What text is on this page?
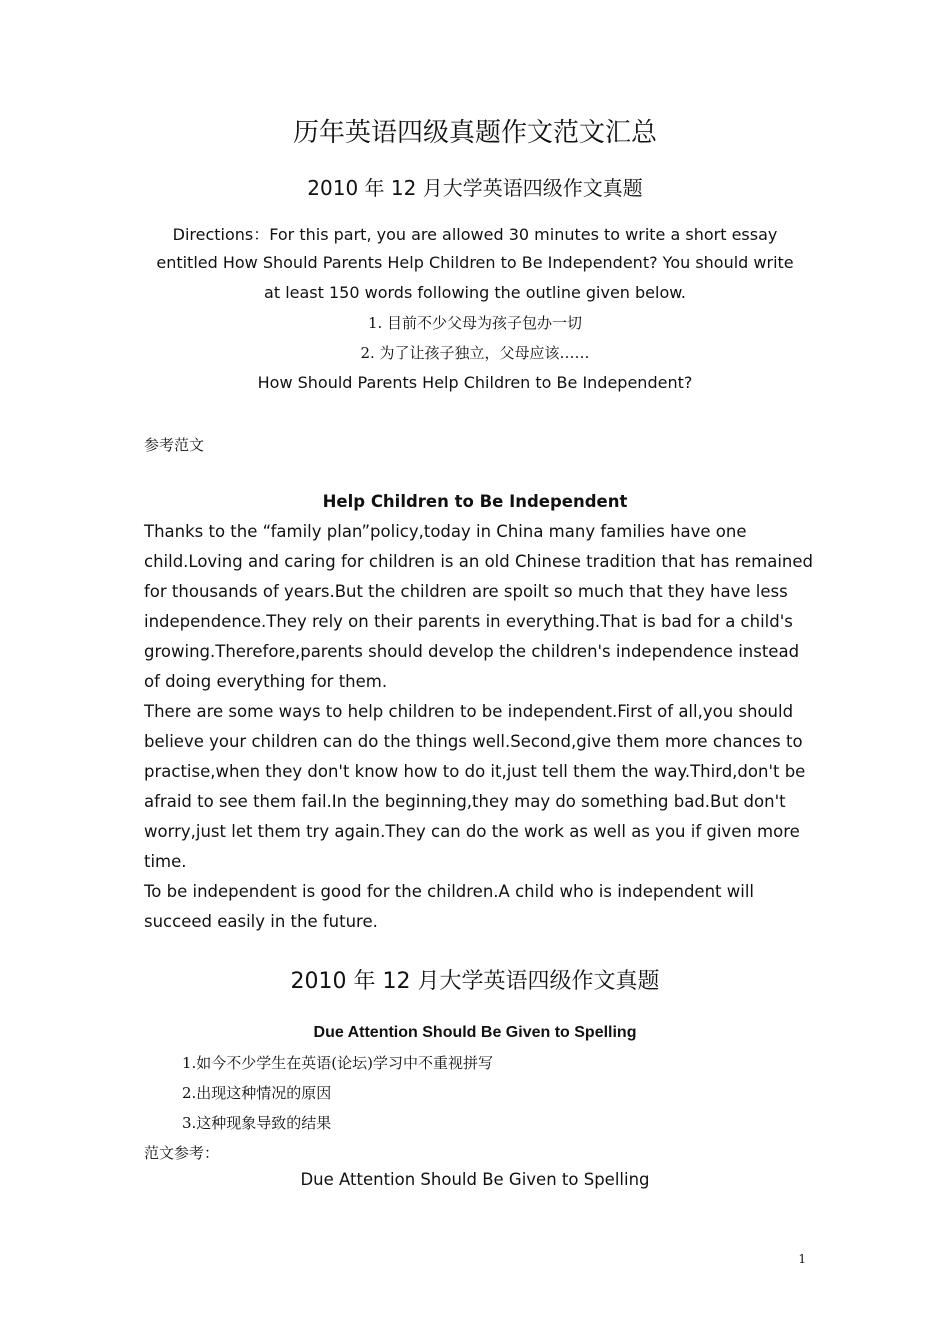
历年英语四级真题作文范文汇总
2010 年 12 月大学英语四级作文真题
Directions：For this part, you are allowed 30 minutes to write a short essay
entitled How Should Parents Help Children to Be Independent? You should write
at least 150 words following the outline given below.
1. 目前不少父母为孩子包办一切
2. 为了让孩子独立，父母应该……
How Should Parents Help Children to Be Independent?
参考范文
Help Children to Be Independent
Thanks to the “family plan”policy,today in China many families have one
child.Loving and caring for children is an old Chinese tradition that has remained
for thousands of years.But the children are spoilt so much that they have less
independence.They rely on their parents in everything.That is bad for a child's
growing.Therefore,parents should develop the children's independence instead
of doing everything for them.
There are some ways to help children to be independent.First of all,you should
believe your children can do the things well.Second,give them more chances to
practise,when they don't know how to do it,just tell them the way.Third,don't be
afraid to see them fail.In the beginning,they may do something bad.But don't
worry,just let them try again.They can do the work as well as you if given more
time.
To be independent is good for the children.A child who is independent will
succeed easily in the future.
2010 年 12 月大学英语四级作文真题
Due Attention Should Be Given to Spelling
1.如今不少学生在英语(论坛)学习中不重视拼写
2.出现这种情况的原因
3.这种现象导致的结果
范文参考：
Due Attention Should Be Given to Spelling
1
